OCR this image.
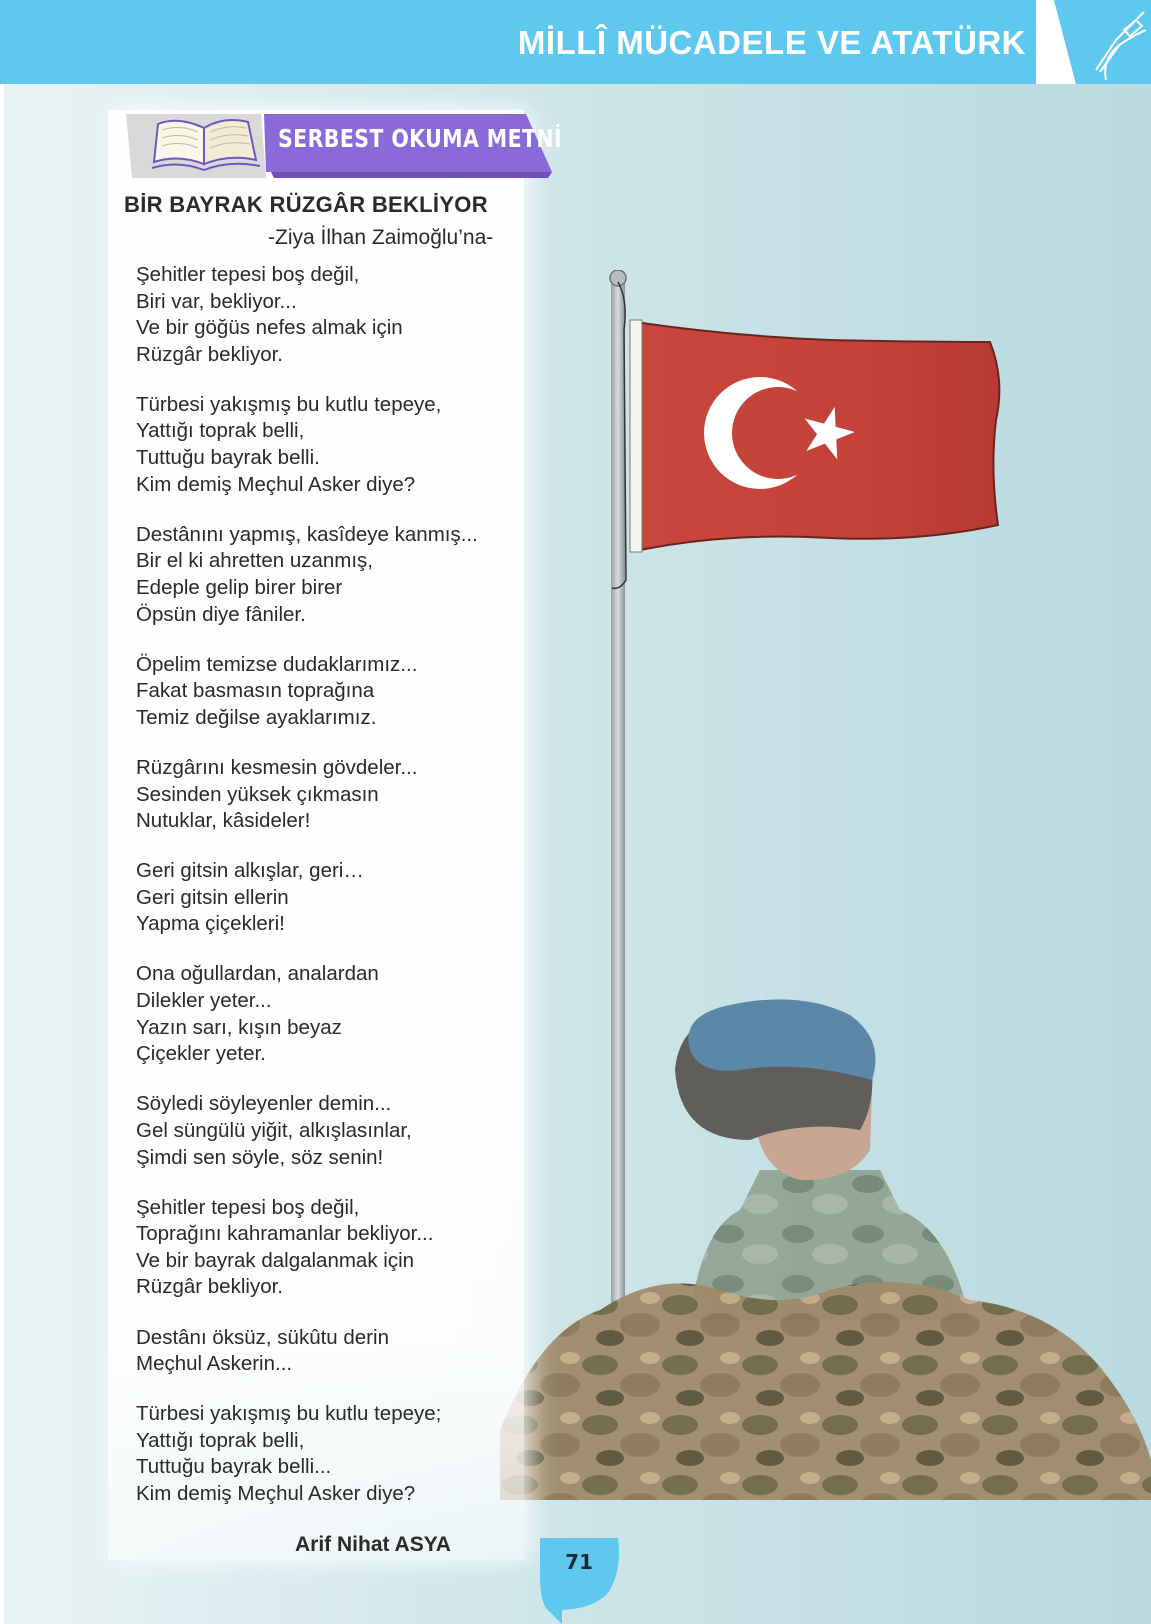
MİLLÎ MÜCADELE VE ATATÜRK
SERBEST OKUMA METNİ
BİR BAYRAK RÜZGÂR BEKLİYOR
-Ziya İlhan Zaimoğlu’na-
Şehitler tepesi boş değil,
Biri var, bekliyor...
Ve bir göğüs nefes almak için
Rüzgâr bekliyor.
Türbesi yakışmış bu kutlu tepeye,
Yattığı toprak belli,
Tuttuğu bayrak belli.
Kim demiş Meçhul Asker diye?
Destânını yapmış, kasîdeye kanmış...
Bir el ki ahretten uzanmış,
Edeple gelip birer birer
Öpsün diye fâniler.
Öpelim temizse dudaklarımız...
Fakat basmasın toprağına
Temiz değilse ayaklarımız.
Rüzgârını kesmesin gövdeler...
Sesinden yüksek çıkmasın
Nutuklar, kâsideler!
Geri gitsin alkışlar, geri…
Geri gitsin ellerin
Yapma çiçekleri!
Ona oğullardan, analardan
Dilekler yeter...
Yazın sarı, kışın beyaz
Çiçekler yeter.
Söyledi söyleyenler demin...
Gel süngülü yiğit, alkışlasınlar,
Şimdi sen söyle, söz senin!
Şehitler tepesi boş değil,
Toprağını kahramanlar bekliyor...
Ve bir bayrak dalgalanmak için
Rüzgâr bekliyor.
Destânı öksüz, sükûtu derin
Meçhul Askerin...
Türbesi yakışmış bu kutlu tepeye;
Yattığı toprak belli,
Tuttuğu bayrak belli...
Kim demiş Meçhul Asker diye?
Arif Nihat ASYA
71
